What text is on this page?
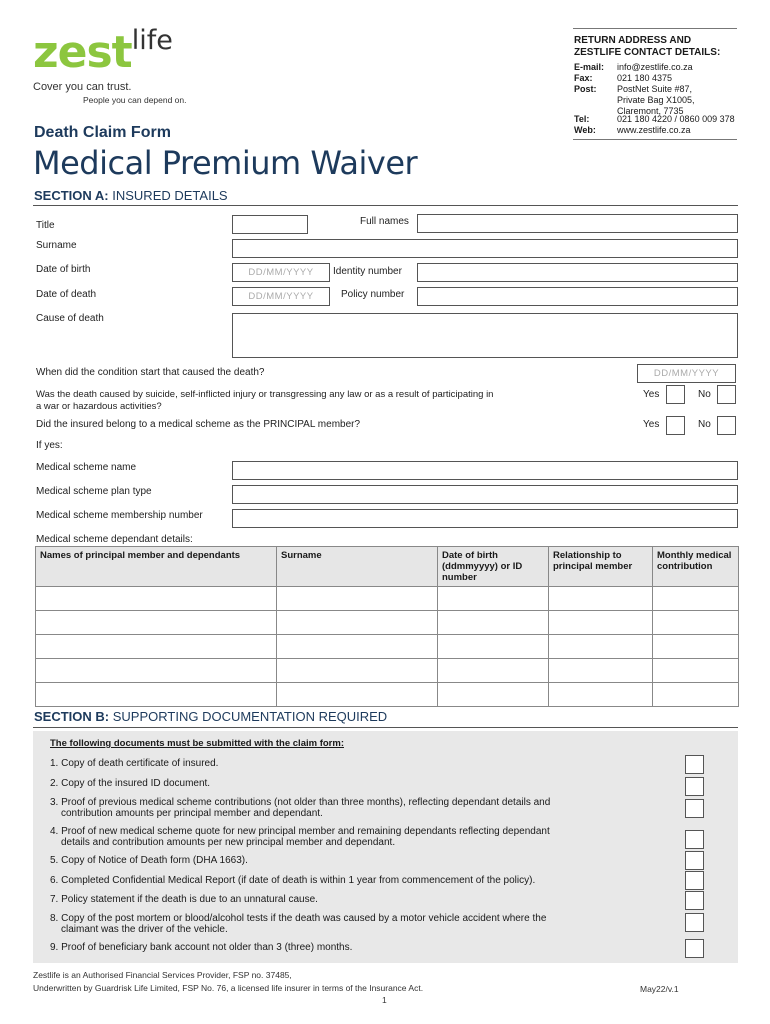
zestlife
Cover you can trust.
People you can depend on.
RETURN ADDRESS AND
ZESTLIFE CONTACT DETAILS:
E-mail: info@zestlife.co.za
Fax:	021 180 4375
Post: PostNet Suite #87,
Private Bag X1005,
Claremont, 7735
Tel:	021 180 4220 / 0860 009 378
Web: www.zestlife.co.za
Death Claim Form
Medical Premium Waiver
SECTION A: INSURED DETAILS
Title	Full names
Surname
Date of birth	DD/MM/YYYY	Identity number
Date of death	DD/MM/YYYY	Policy number
Cause of death
When did the condition start that caused the death?	DD/MM/YYYY
Was the death caused by suicide, self-inflicted injury or transgressing any law or as a result of participating in
a war or hazardous activities?
Yes	No
Did the insured belong to a medical scheme as the PRINCIPAL member?	Yes	No
If yes:
Medical scheme name
Medical scheme plan type
Medical scheme membership number
Medical scheme dependant details:
Names of principal member and dependants	Surname	Date of birth (ddmmyyyy) or ID number	Relationship to principal member	Monthly medical contribution

SECTION B: SUPPORTING DOCUMENTATION REQUIRED
The following documents must be submitted with the claim form:
1. Copy of death certificate of insured.
2. Copy of the insured ID document.
3. Proof of previous medical scheme contributions (not older than three months), reflecting dependant details and
contribution amounts per principal member and dependant.
4. Proof of new medical scheme quote for new principal member and remaining dependants reflecting dependant
details and contribution amounts per new principal member and dependant.
5. Copy of Notice of Death form (DHA 1663).
6. Completed Confidential Medical Report (if date of death is within 1 year from commencement of the policy).
7. Policy statement if the death is due to an unnatural cause.
8. Copy of the post mortem or blood/alcohol tests if the death was caused by a motor vehicle accident where the
claimant was the driver of the vehicle.
9. Proof of beneficiary bank account not older than 3 (three) months.
Zestlife is an Authorised Financial Services Provider, FSP no. 37485,
Underwritten by Guardrisk Life Limited, FSP No. 76, a licensed life insurer in terms of the Insurance Act.	May22/v.1
1
